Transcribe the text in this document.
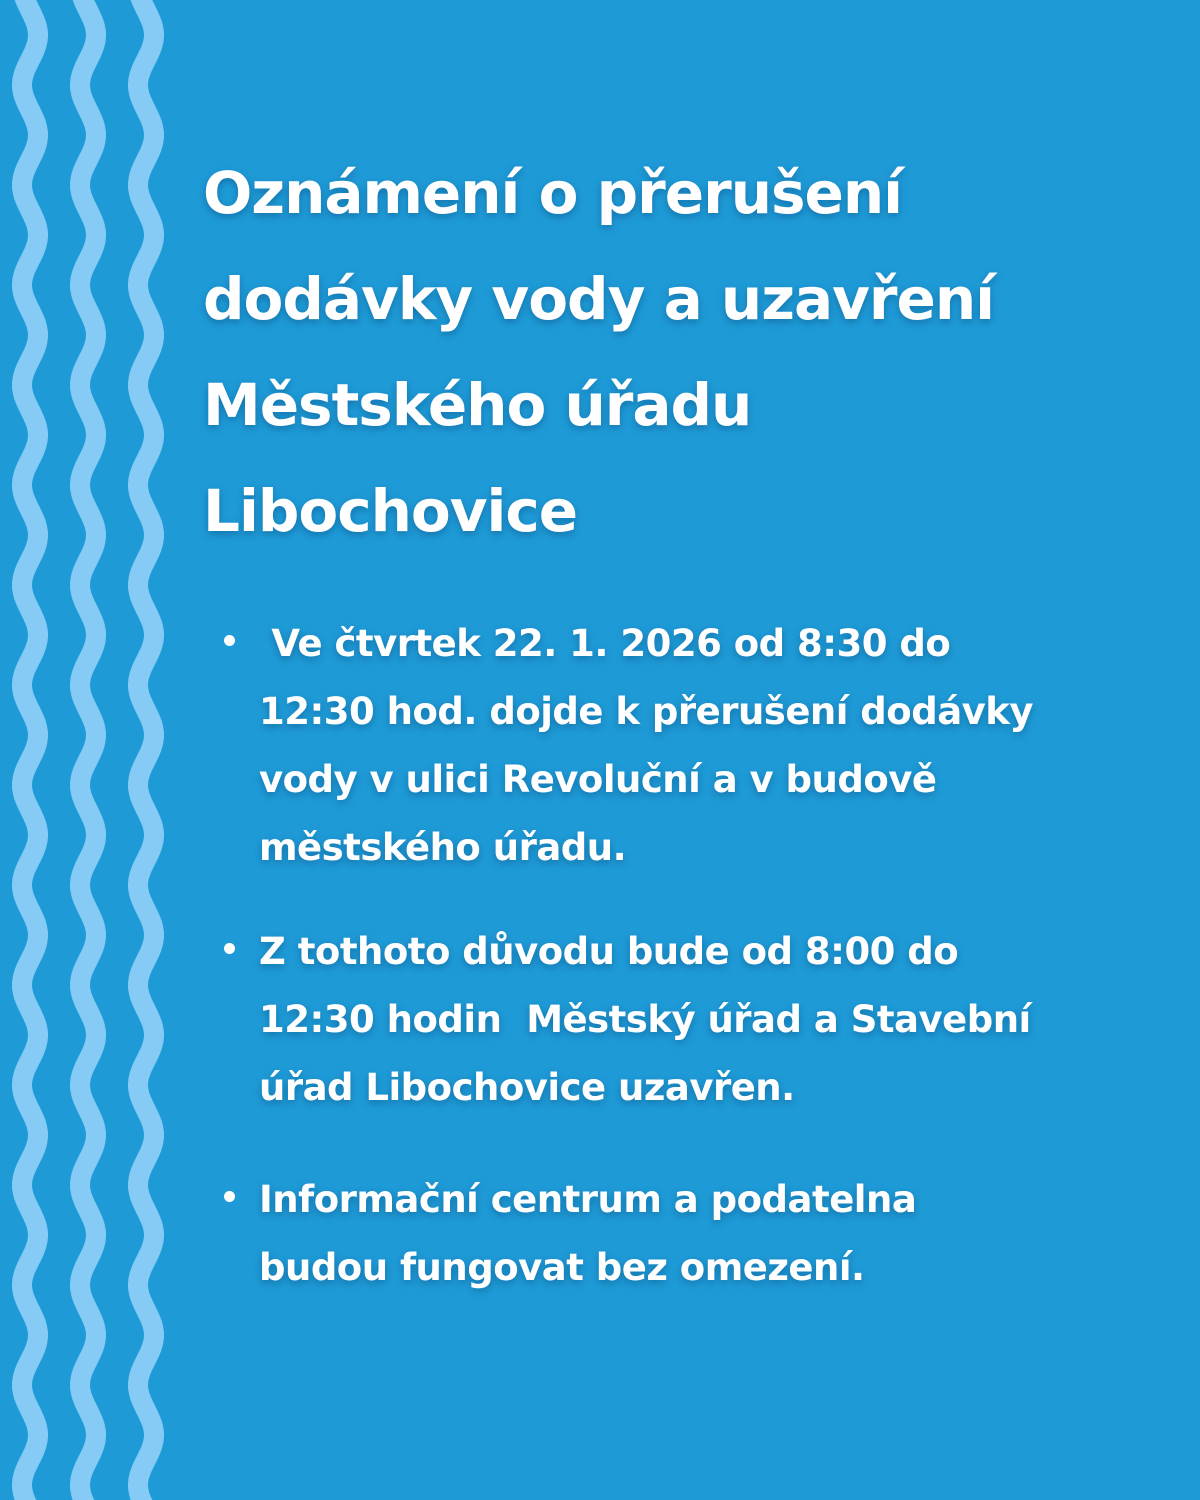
Oznámení o přerušení
dodávky vody a uzavření
Městského úřadu
Libochovice
Ve čtvrtek 22. 1. 2026 od 8:30 do
12:30 hod. dojde k přerušení dodávky
vody v ulici Revoluční a v budově
městského úřadu.
Z tothoto důvodu bude od 8:00 do
12:30 hodin  Městský úřad a Stavební
úřad Libochovice uzavřen.
Informační centrum a podatelna
budou fungovat bez omezení.
